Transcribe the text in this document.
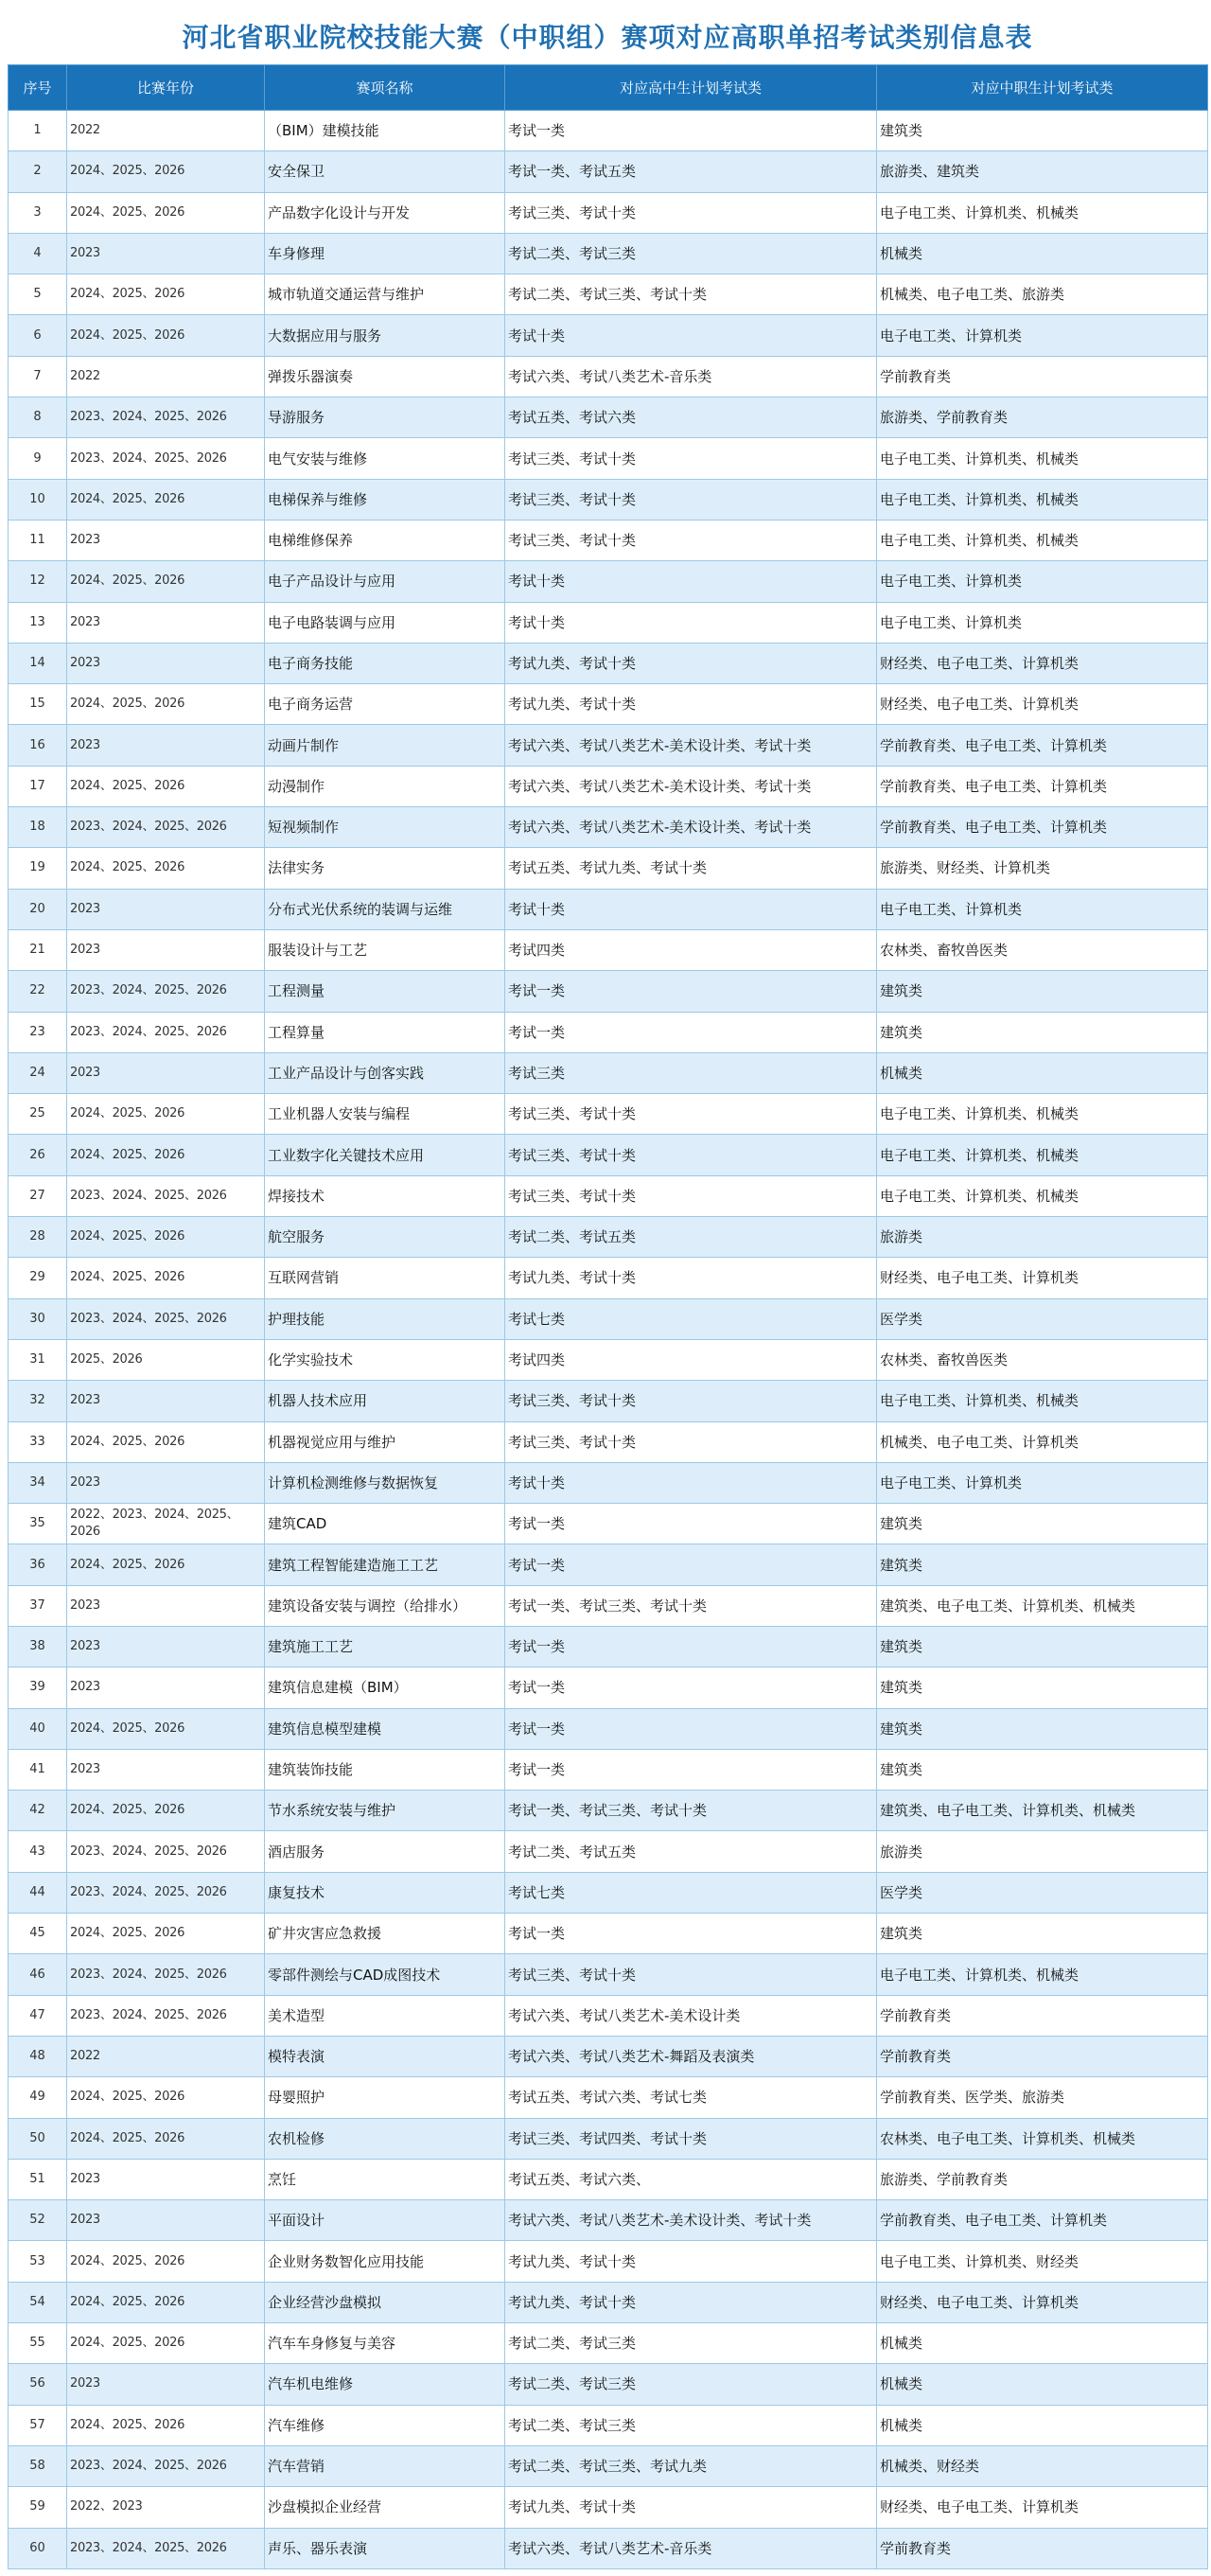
河北省职业院校技能大赛（中职组）赛项对应高职单招考试类别信息表
序号	比赛年份	赛项名称	对应高中生计划考试类	对应中职生计划考试类
1	2022	（BIM）建模技能	考试一类	建筑类
2	2024、2025、2026	安全保卫	考试一类、考试五类	旅游类、建筑类
3	2024、2025、2026	产品数字化设计与开发	考试三类、考试十类	电子电工类、计算机类、机械类
4	2023	车身修理	考试二类、考试三类	机械类
5	2024、2025、2026	城市轨道交通运营与维护	考试二类、考试三类、考试十类	机械类、电子电工类、旅游类
6	2024、2025、2026	大数据应用与服务	考试十类	电子电工类、计算机类
7	2022	弹拨乐器演奏	考试六类、考试八类艺术-音乐类	学前教育类
8	2023、2024、2025、2026	导游服务	考试五类、考试六类	旅游类、学前教育类
9	2023、2024、2025、2026	电气安装与维修	考试三类、考试十类	电子电工类、计算机类、机械类
10	2024、2025、2026	电梯保养与维修	考试三类、考试十类	电子电工类、计算机类、机械类
11	2023	电梯维修保养	考试三类、考试十类	电子电工类、计算机类、机械类
12	2024、2025、2026	电子产品设计与应用	考试十类	电子电工类、计算机类
13	2023	电子电路装调与应用	考试十类	电子电工类、计算机类
14	2023	电子商务技能	考试九类、考试十类	财经类、电子电工类、计算机类
15	2024、2025、2026	电子商务运营	考试九类、考试十类	财经类、电子电工类、计算机类
16	2023	动画片制作	考试六类、考试八类艺术-美术设计类、考试十类	学前教育类、电子电工类、计算机类
17	2024、2025、2026	动漫制作	考试六类、考试八类艺术-美术设计类、考试十类	学前教育类、电子电工类、计算机类
18	2023、2024、2025、2026	短视频制作	考试六类、考试八类艺术-美术设计类、考试十类	学前教育类、电子电工类、计算机类
19	2024、2025、2026	法律实务	考试五类、考试九类、考试十类	旅游类、财经类、计算机类
20	2023	分布式光伏系统的装调与运维	考试十类	电子电工类、计算机类
21	2023	服装设计与工艺	考试四类	农林类、畜牧兽医类
22	2023、2024、2025、2026	工程测量	考试一类	建筑类
23	2023、2024、2025、2026	工程算量	考试一类	建筑类
24	2023	工业产品设计与创客实践	考试三类	机械类
25	2024、2025、2026	工业机器人安装与编程	考试三类、考试十类	电子电工类、计算机类、机械类
26	2024、2025、2026	工业数字化关键技术应用	考试三类、考试十类	电子电工类、计算机类、机械类
27	2023、2024、2025、2026	焊接技术	考试三类、考试十类	电子电工类、计算机类、机械类
28	2024、2025、2026	航空服务	考试二类、考试五类	旅游类
29	2024、2025、2026	互联网营销	考试九类、考试十类	财经类、电子电工类、计算机类
30	2023、2024、2025、2026	护理技能	考试七类	医学类
31	2025、2026	化学实验技术	考试四类	农林类、畜牧兽医类
32	2023	机器人技术应用	考试三类、考试十类	电子电工类、计算机类、机械类
33	2024、2025、2026	机器视觉应用与维护	考试三类、考试十类	机械类、电子电工类、计算机类
34	2023	计算机检测维修与数据恢复	考试十类	电子电工类、计算机类
35	2022、2023、2024、2025、2026	建筑CAD	考试一类	建筑类
36	2024、2025、2026	建筑工程智能建造施工工艺	考试一类	建筑类
37	2023	建筑设备安装与调控（给排水）	考试一类、考试三类、考试十类	建筑类、电子电工类、计算机类、机械类
38	2023	建筑施工工艺	考试一类	建筑类
39	2023	建筑信息建模（BIM）	考试一类	建筑类
40	2024、2025、2026	建筑信息模型建模	考试一类	建筑类
41	2023	建筑装饰技能	考试一类	建筑类
42	2024、2025、2026	节水系统安装与维护	考试一类、考试三类、考试十类	建筑类、电子电工类、计算机类、机械类
43	2023、2024、2025、2026	酒店服务	考试二类、考试五类	旅游类
44	2023、2024、2025、2026	康复技术	考试七类	医学类
45	2024、2025、2026	矿井灾害应急救援	考试一类	建筑类
46	2023、2024、2025、2026	零部件测绘与CAD成图技术	考试三类、考试十类	电子电工类、计算机类、机械类
47	2023、2024、2025、2026	美术造型	考试六类、考试八类艺术-美术设计类	学前教育类
48	2022	模特表演	考试六类、考试八类艺术-舞蹈及表演类	学前教育类
49	2024、2025、2026	母婴照护	考试五类、考试六类、考试七类	学前教育类、医学类、旅游类
50	2024、2025、2026	农机检修	考试三类、考试四类、考试十类	农林类、电子电工类、计算机类、机械类
51	2023	烹饪	考试五类、考试六类、	旅游类、学前教育类
52	2023	平面设计	考试六类、考试八类艺术-美术设计类、考试十类	学前教育类、电子电工类、计算机类
53	2024、2025、2026	企业财务数智化应用技能	考试九类、考试十类	电子电工类、计算机类、财经类
54	2024、2025、2026	企业经营沙盘模拟	考试九类、考试十类	财经类、电子电工类、计算机类
55	2024、2025、2026	汽车车身修复与美容	考试二类、考试三类	机械类
56	2023	汽车机电维修	考试二类、考试三类	机械类
57	2024、2025、2026	汽车维修	考试二类、考试三类	机械类
58	2023、2024、2025、2026	汽车营销	考试二类、考试三类、考试九类	机械类、财经类
59	2022、2023	沙盘模拟企业经营	考试九类、考试十类	财经类、电子电工类、计算机类
60	2023、2024、2025、2026	声乐、器乐表演	考试六类、考试八类艺术-音乐类	学前教育类
